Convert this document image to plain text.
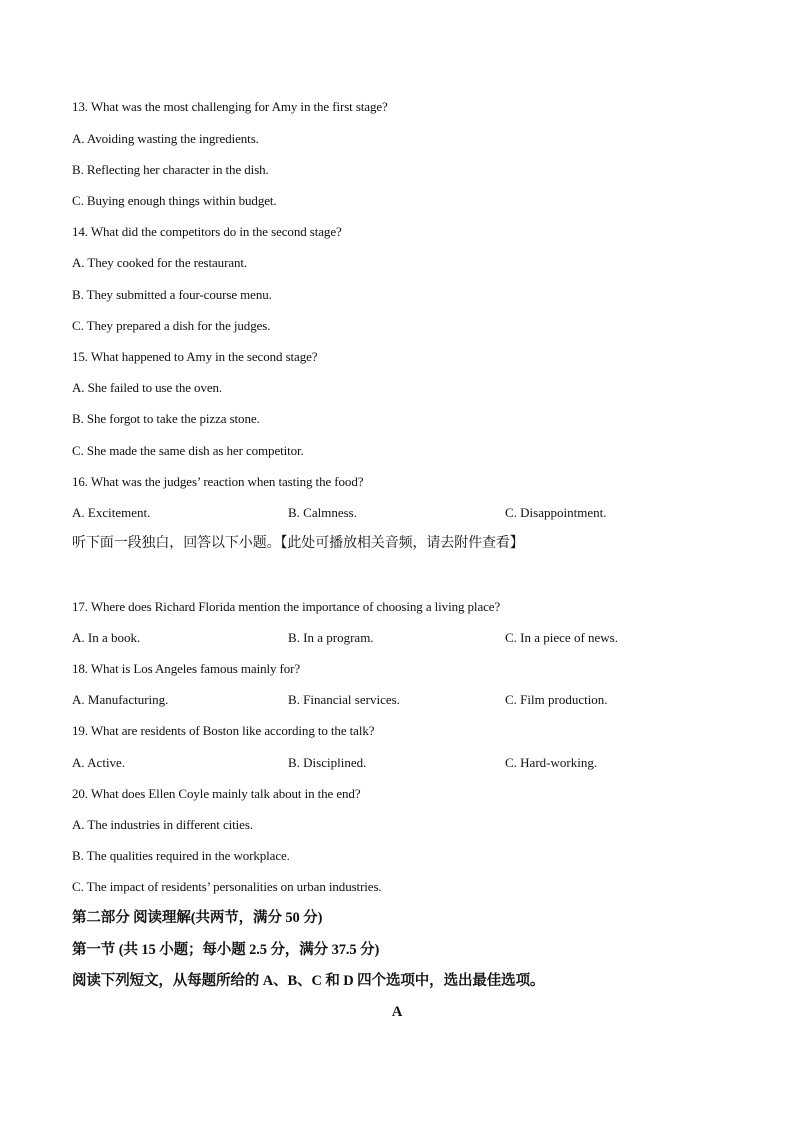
13. What was the most challenging for Amy in the first stage?
A. Avoiding wasting the ingredients.
B. Reflecting her character in the dish.
C. Buying enough things within budget.
14. What did the competitors do in the second stage?
A. They cooked for the restaurant.
B. They submitted a four-course menu.
C. They prepared a dish for the judges.
15. What happened to Amy in the second stage?
A. She failed to use the oven.
B. She forgot to take the pizza stone.
C. She made the same dish as her competitor.
16. What was the judges’ reaction when tasting the food?
A. Excitement.	B. Calmness.	C. Disappointment.
听下面一段独白，回答以下小题。【此处可播放相关音频，请去附件查看】
17. Where does Richard Florida mention the importance of choosing a living place?
A. In a book.	B. In a program.	C. In a piece of news.
18. What is Los Angeles famous mainly for?
A. Manufacturing.	B. Financial services.	C. Film production.
19. What are residents of Boston like according to the talk?
A. Active.	B. Disciplined.	C. Hard-working.
20. What does Ellen Coyle mainly talk about in the end?
A. The industries in different cities.
B. The qualities required in the workplace.
C. The impact of residents’ personalities on urban industries.
第二部分 阅读理解(共两节，满分 50 分)
第一节 (共 15 小题；每小题 2.5 分，满分 37.5 分)
阅读下列短文，从每题所给的 A、B、C 和 D 四个选项中，选出最佳选项。
A
